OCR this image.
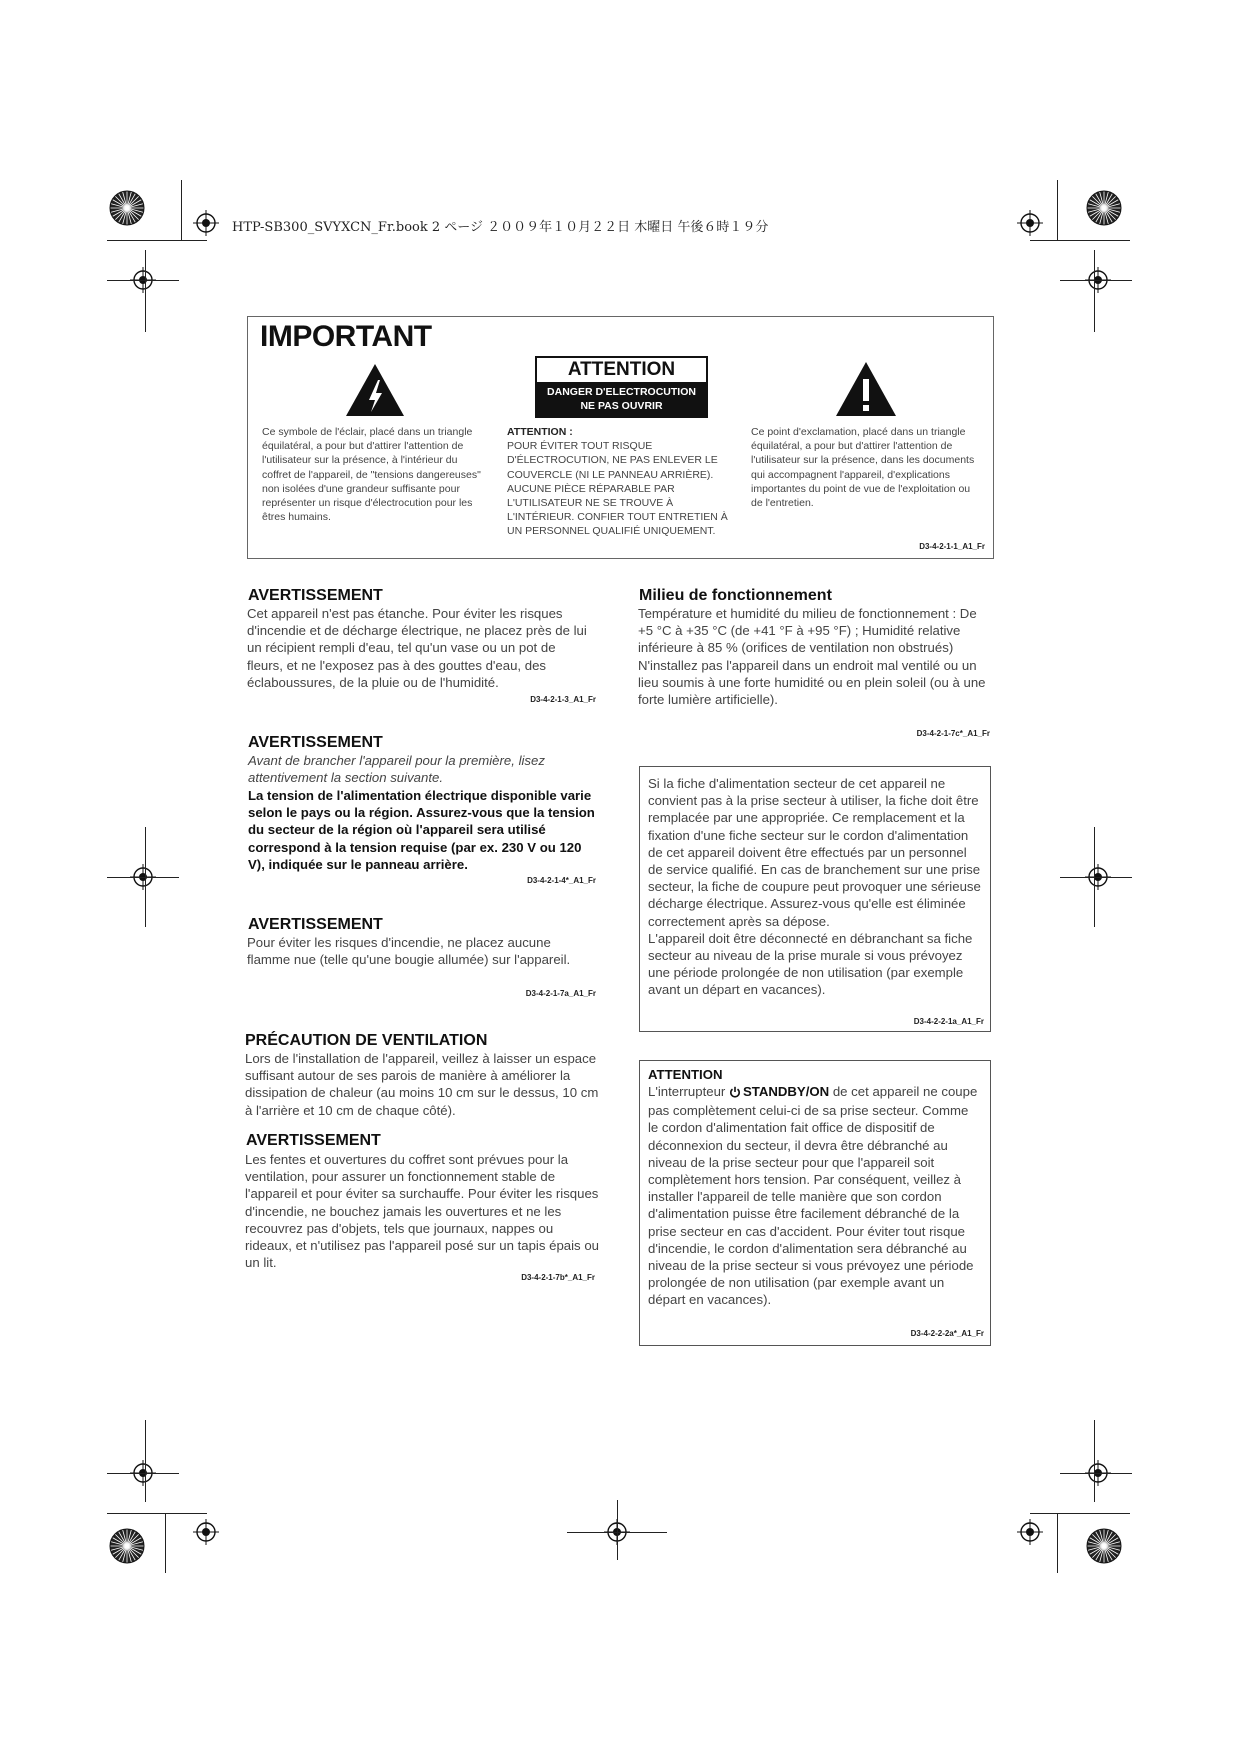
HTP-SB300_SVYXCN_Fr.book 2 ページ ２００９年１０月２２日 木曜日 午後６時１９分
IMPORTANT
ATTENTION
DANGER D'ELECTROCUTION
NE PAS OUVRIR
Ce symbole de l'éclair, placé dans un triangle équilatéral, a pour but d'attirer l'attention de l'utilisateur sur la présence, à l'intérieur du coffret de l'appareil, de "tensions dangereuses" non isolées d'une grandeur suffisante pour représenter un risque d'électrocution pour les êtres humains.
ATTENTION :
POUR ÉVITER TOUT RISQUE D'ÉLECTROCUTION, NE PAS ENLEVER LE COUVERCLE (NI LE PANNEAU ARRIÈRE). AUCUNE PIÈCE RÉPARABLE PAR L'UTILISATEUR NE SE TROUVE À L'INTÉRIEUR. CONFIER TOUT ENTRETIEN À UN PERSONNEL QUALIFIÉ UNIQUEMENT.
Ce point d'exclamation, placé dans un triangle équilatéral, a pour but d'attirer l'attention de l'utilisateur sur la présence, dans les documents qui accompagnent l'appareil, d'explications importantes du point de vue de l'exploitation ou de l'entretien.
D3-4-2-1-1_A1_Fr
AVERTISSEMENT
Cet appareil n'est pas étanche. Pour éviter les risques d'incendie et de décharge électrique, ne placez près de lui un récipient rempli d'eau, tel qu'un vase ou un pot de fleurs, et ne l'exposez pas à des gouttes d'eau, des éclaboussures, de la pluie ou de l'humidité.
D3-4-2-1-3_A1_Fr
AVERTISSEMENT
Avant de brancher l'appareil pour la première, lisez attentivement la section suivante.
La tension de l'alimentation électrique disponible varie selon le pays ou la région. Assurez-vous que la tension du secteur de la région où l'appareil sera utilisé correspond à la tension requise (par ex. 230 V ou 120 V), indiquée sur le panneau arrière.
D3-4-2-1-4*_A1_Fr
AVERTISSEMENT
Pour éviter les risques d'incendie, ne placez aucune flamme nue (telle qu'une bougie allumée) sur l'appareil.
D3-4-2-1-7a_A1_Fr
PRÉCAUTION DE VENTILATION
Lors de l'installation de l'appareil, veillez à laisser un espace suffisant autour de ses parois de manière à améliorer la dissipation de chaleur (au moins 10 cm sur le dessus, 10 cm à l'arrière et 10 cm de chaque côté).
AVERTISSEMENT
Les fentes et ouvertures du coffret sont prévues pour la ventilation, pour assurer un fonctionnement stable de l'appareil et pour éviter sa surchauffe. Pour éviter les risques d'incendie, ne bouchez jamais les ouvertures et ne les recouvrez pas d'objets, tels que journaux, nappes ou rideaux, et n'utilisez pas l'appareil posé sur un tapis épais ou un lit.
D3-4-2-1-7b*_A1_Fr
Milieu de fonctionnement
Température et humidité du milieu de fonctionnement : De +5 °C à +35 °C (de +41 °F à +95 °F) ; Humidité relative inférieure à 85 % (orifices de ventilation non obstrués)
N'installez pas l'appareil dans un endroit mal ventilé ou un lieu soumis à une forte humidité ou en plein soleil (ou à une forte lumière artificielle).
D3-4-2-1-7c*_A1_Fr
Si la fiche d'alimentation secteur de cet appareil ne convient pas à la prise secteur à utiliser, la fiche doit être remplacée par une appropriée. Ce remplacement et la fixation d'une fiche secteur sur le cordon d'alimentation de cet appareil doivent être effectués par un personnel de service qualifié. En cas de branchement sur une prise secteur, la fiche de coupure peut provoquer une sérieuse décharge électrique. Assurez-vous qu'elle est éliminée correctement après sa dépose.
L'appareil doit être déconnecté en débranchant sa fiche secteur au niveau de la prise murale si vous prévoyez une période prolongée de non utilisation (par exemple avant un départ en vacances).
D3-4-2-2-1a_A1_Fr
ATTENTION
L'interrupteur STANDBY/ON de cet appareil ne coupe pas complètement celui-ci de sa prise secteur. Comme le cordon d'alimentation fait office de dispositif de déconnexion du secteur, il devra être débranché au niveau de la prise secteur pour que l'appareil soit complètement hors tension. Par conséquent, veillez à installer l'appareil de telle manière que son cordon d'alimentation puisse être facilement débranché de la prise secteur en cas d'accident. Pour éviter tout risque d'incendie, le cordon d'alimentation sera débranché au niveau de la prise secteur si vous prévoyez une période prolongée de non utilisation (par exemple avant un départ en vacances).
D3-4-2-2-2a*_A1_Fr
